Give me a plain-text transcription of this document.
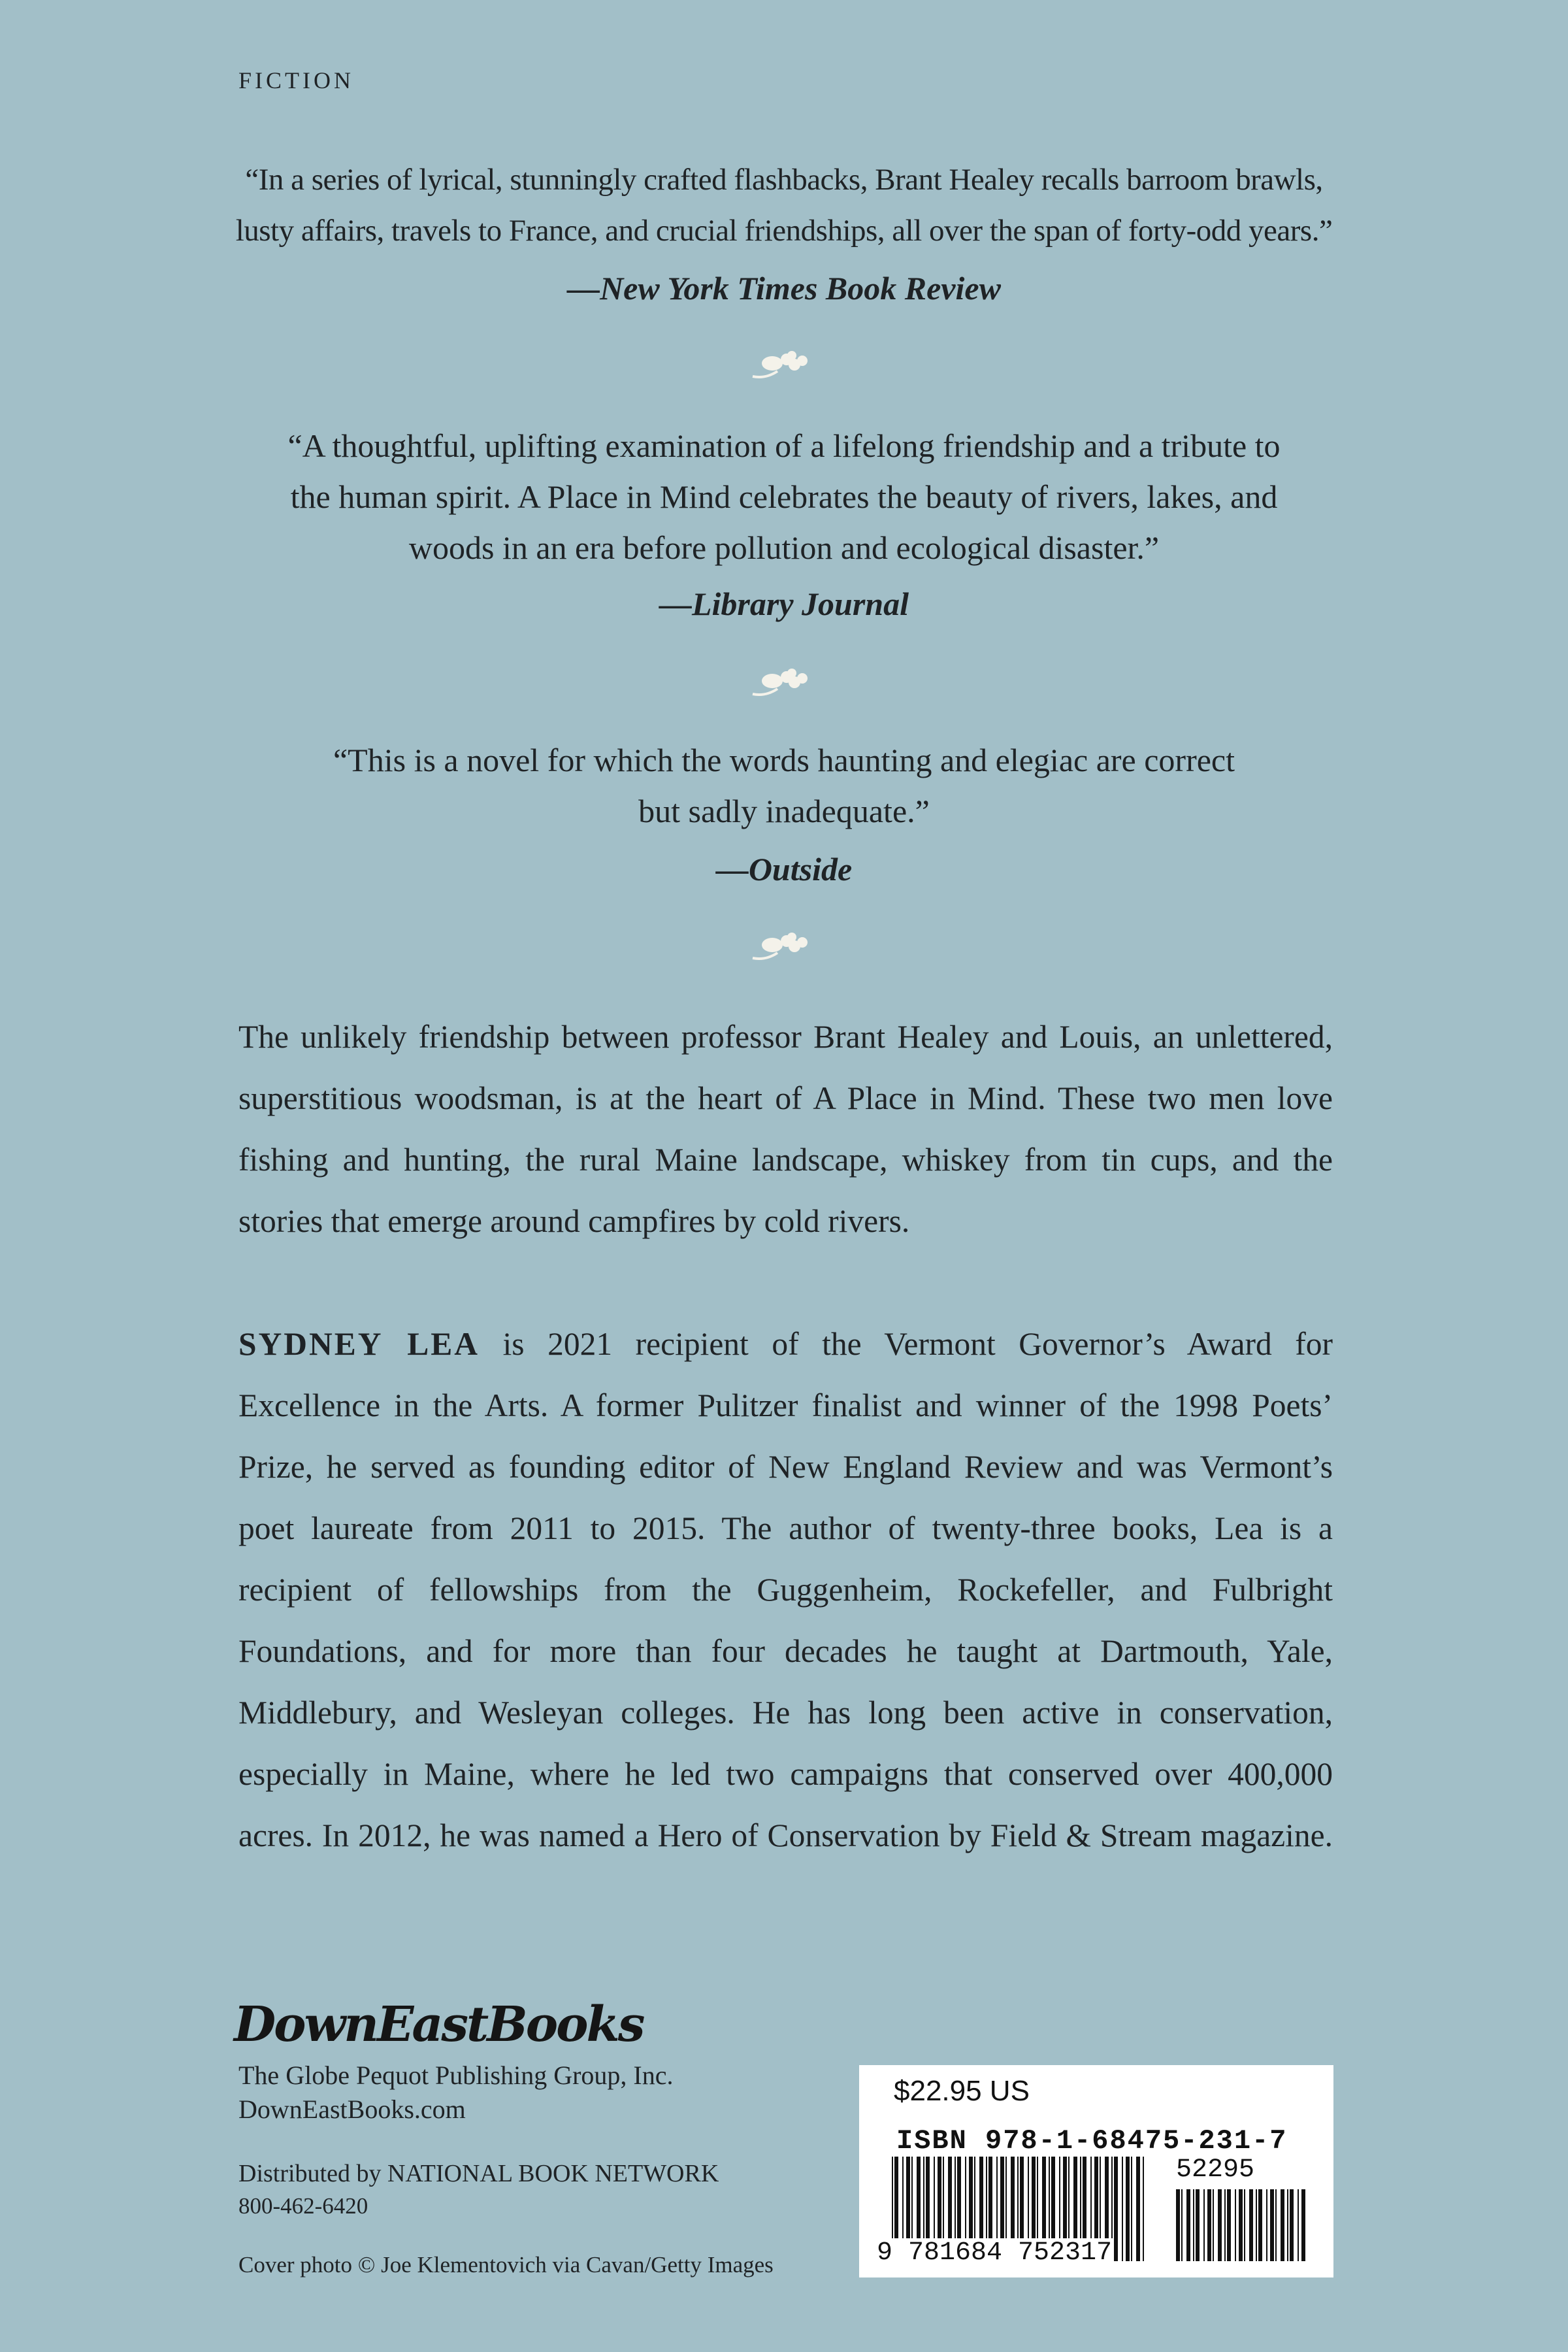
FICTION
“In a series of lyrical, stunningly crafted flashbacks, Brant Healey recalls barroom brawls,
lusty affairs, travels to France, and crucial friendships, all over the span of forty-odd years.”
—New York Times Book Review
“A thoughtful, uplifting examination of a lifelong friendship and a tribute to
the human spirit. A Place in Mind celebrates the beauty of rivers, lakes, and
woods in an era before pollution and ecological disaster.”
—Library Journal
“This is a novel for which the words haunting and elegiac are correct
but sadly inadequate.”
—Outside
The unlikely friendship between professor Brant Healey and Louis, an unlettered,
superstitious woodsman, is at the heart of A Place in Mind. These two men love
fishing and hunting, the rural Maine landscape, whiskey from tin cups, and the
stories that emerge around campfires by cold rivers.
SYDNEY LEA is 2021 recipient of the Vermont Governor’s Award for
Excellence in the Arts. A former Pulitzer finalist and winner of the 1998 Poets’
Prize, he served as founding editor of New England Review and was Vermont’s
poet laureate from 2011 to 2015. The author of twenty-three books, Lea is a
recipient of fellowships from the Guggenheim, Rockefeller, and Fulbright
Foundations, and for more than four decades he taught at Dartmouth, Yale,
Middlebury, and Wesleyan colleges. He has long been active in conservation,
especially in Maine, where he led two campaigns that conserved over 400,000
acres. In 2012, he was named a Hero of Conservation by Field & Stream magazine.
DownEastBooks
The Globe Pequot Publishing Group, Inc.
DownEastBooks.com
Distributed by NATIONAL BOOK NETWORK
800-462-6420
Cover photo © Joe Klementovich via Cavan/Getty Images
$22.95 US
ISBN 978-1-68475-231-7
9 781684 752317
52295
